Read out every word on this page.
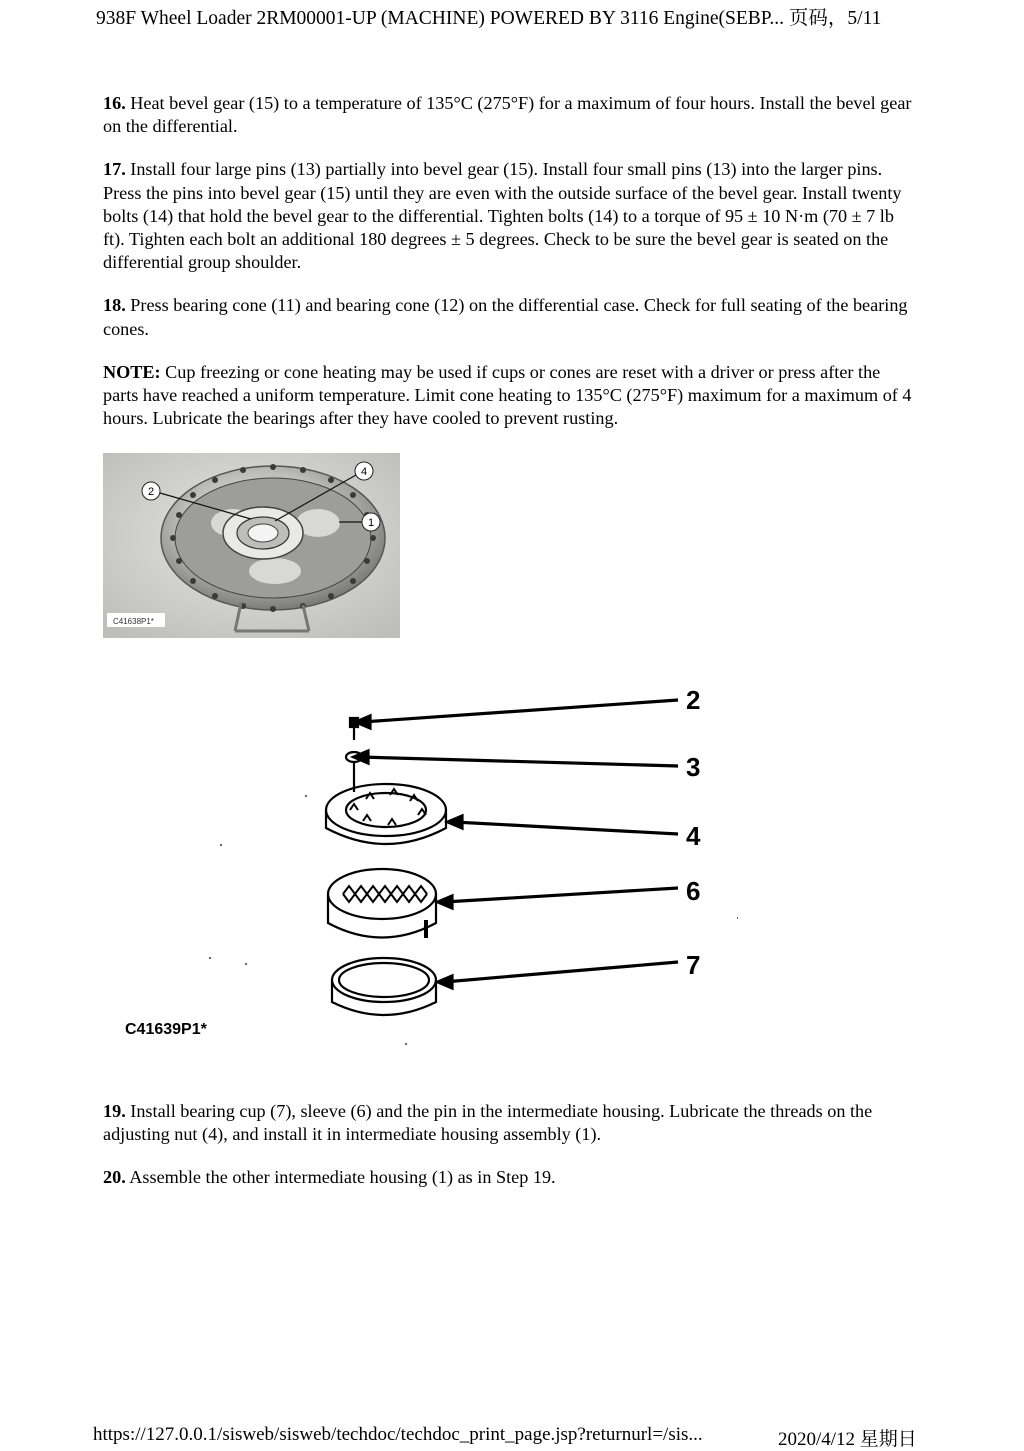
938F Wheel Loader 2RM00001-UP (MACHINE) POWERED BY 3116 Engine(SEBP... 页码，5/11

16. Heat bevel gear (15) to a temperature of 135°C (275°F) for a maximum of four hours. Install the bevel gear on the differential.

17. Install four large pins (13) partially into bevel gear (15). Install four small pins (13) into the larger pins. Press the pins into bevel gear (15) until they are even with the outside surface of the bevel gear. Install twenty bolts (14) that hold the bevel gear to the differential. Tighten bolts (14) to a torque of 95 ± 10 N·m (70 ± 7 lb ft). Tighten each bolt an additional 180 degrees ± 5 degrees. Check to be sure the bevel gear is seated on the differential group shoulder.

18. Press bearing cone (11) and bearing cone (12) on the differential case. Check for full seating of the bearing cones.

NOTE: Cup freezing or cone heating may be used if cups or cones are reset with a driver or press after the parts have reached a uniform temperature. Limit cone heating to 135°C (275°F) maximum for a maximum of 4 hours. Lubricate the bearings after they have cooled to prevent rusting.

2
4
1
C41638P1*
2
3
4
6
7
C41639P1*

19. Install bearing cup (7), sleeve (6) and the pin in the intermediate housing. Lubricate the threads on the adjusting nut (4), and install it in intermediate housing assembly (1).

20. Assemble the other intermediate housing (1) as in Step 19.

https://127.0.0.1/sisweb/sisweb/techdoc/techdoc_print_page.jsp?returnurl=/sis...	2020/4/12 星期日
